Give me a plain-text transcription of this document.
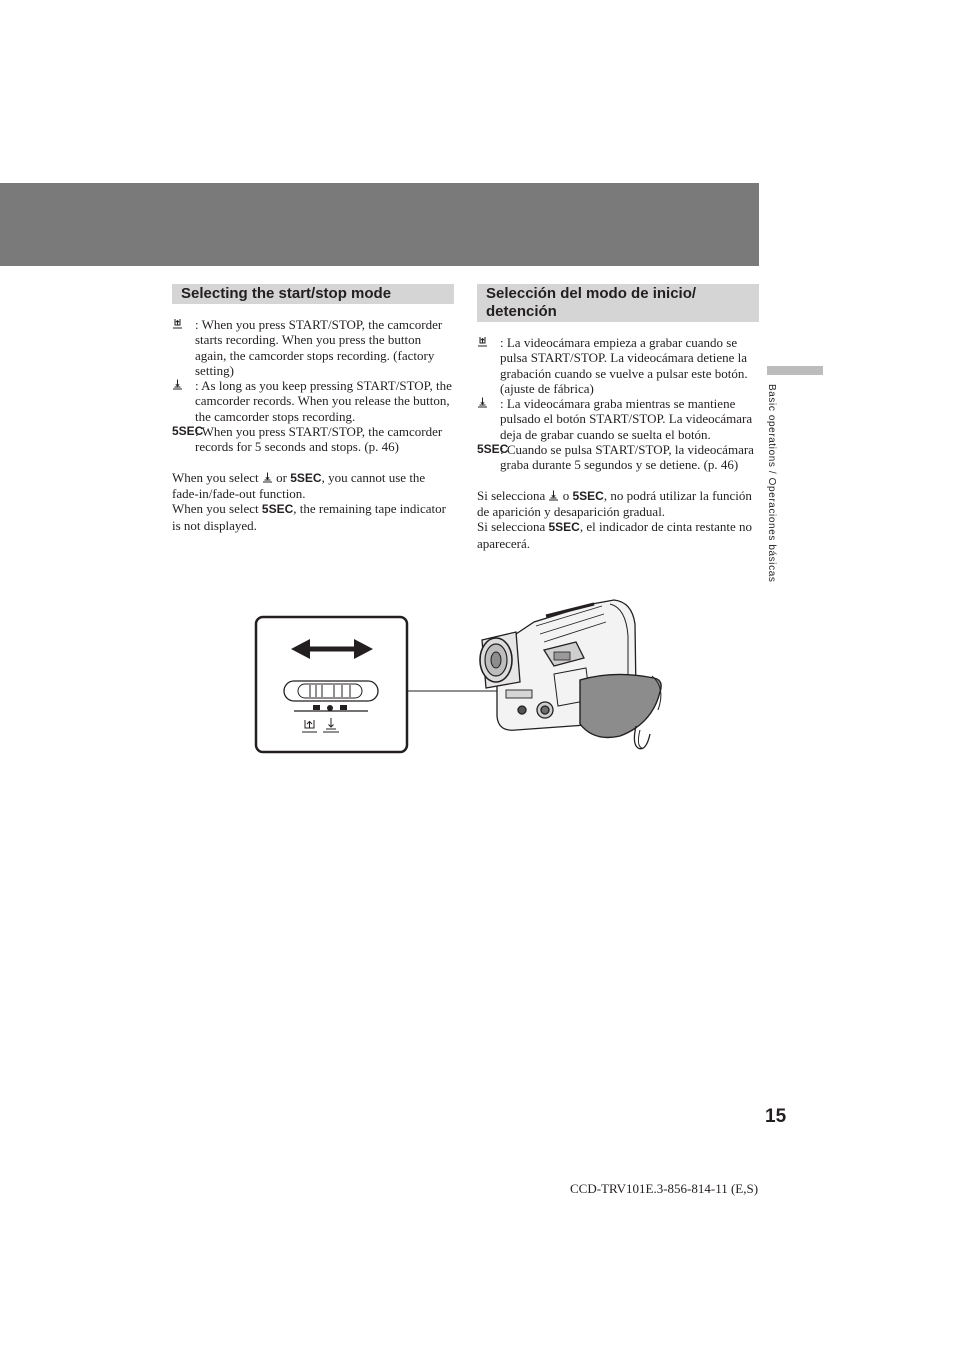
Basic operations / Operaciones básicas
Selecting the start/stop mode
: When you press START/STOP, the camcorder starts recording. When you press the button again, the camcorder stops recording. (factory setting)
: As long as you keep pressing START/STOP, the camcorder records. When you release the button, the camcorder stops recording.
5SEC
: When you press START/STOP, the camcorder records for 5 seconds and stops. (p. 46)
When you select  or 5SEC, you cannot use the fade-in/fade-out function.
When you select 5SEC, the remaining tape indicator is not displayed.
Selección del modo de inicio/ detención
: La videocámara empieza a grabar cuando se pulsa START/STOP. La videocámara detiene la grabación cuando se vuelve a pulsar este botón. (ajuste de fábrica)
: La videocámara graba mientras se mantiene pulsado el botón START/STOP. La videocámara deja de grabar cuando se suelta el botón.
5SEC
: Cuando se pulsa START/STOP, la videocámara graba durante 5 segundos y se detiene. (p. 46)
Si selecciona  o 5SEC, no podrá utilizar la función de aparición y desaparición gradual.
Si selecciona 5SEC, el indicador de cinta restante no aparecerá.
15
CCD-TRV101E.3-856-814-11 (E,S)
